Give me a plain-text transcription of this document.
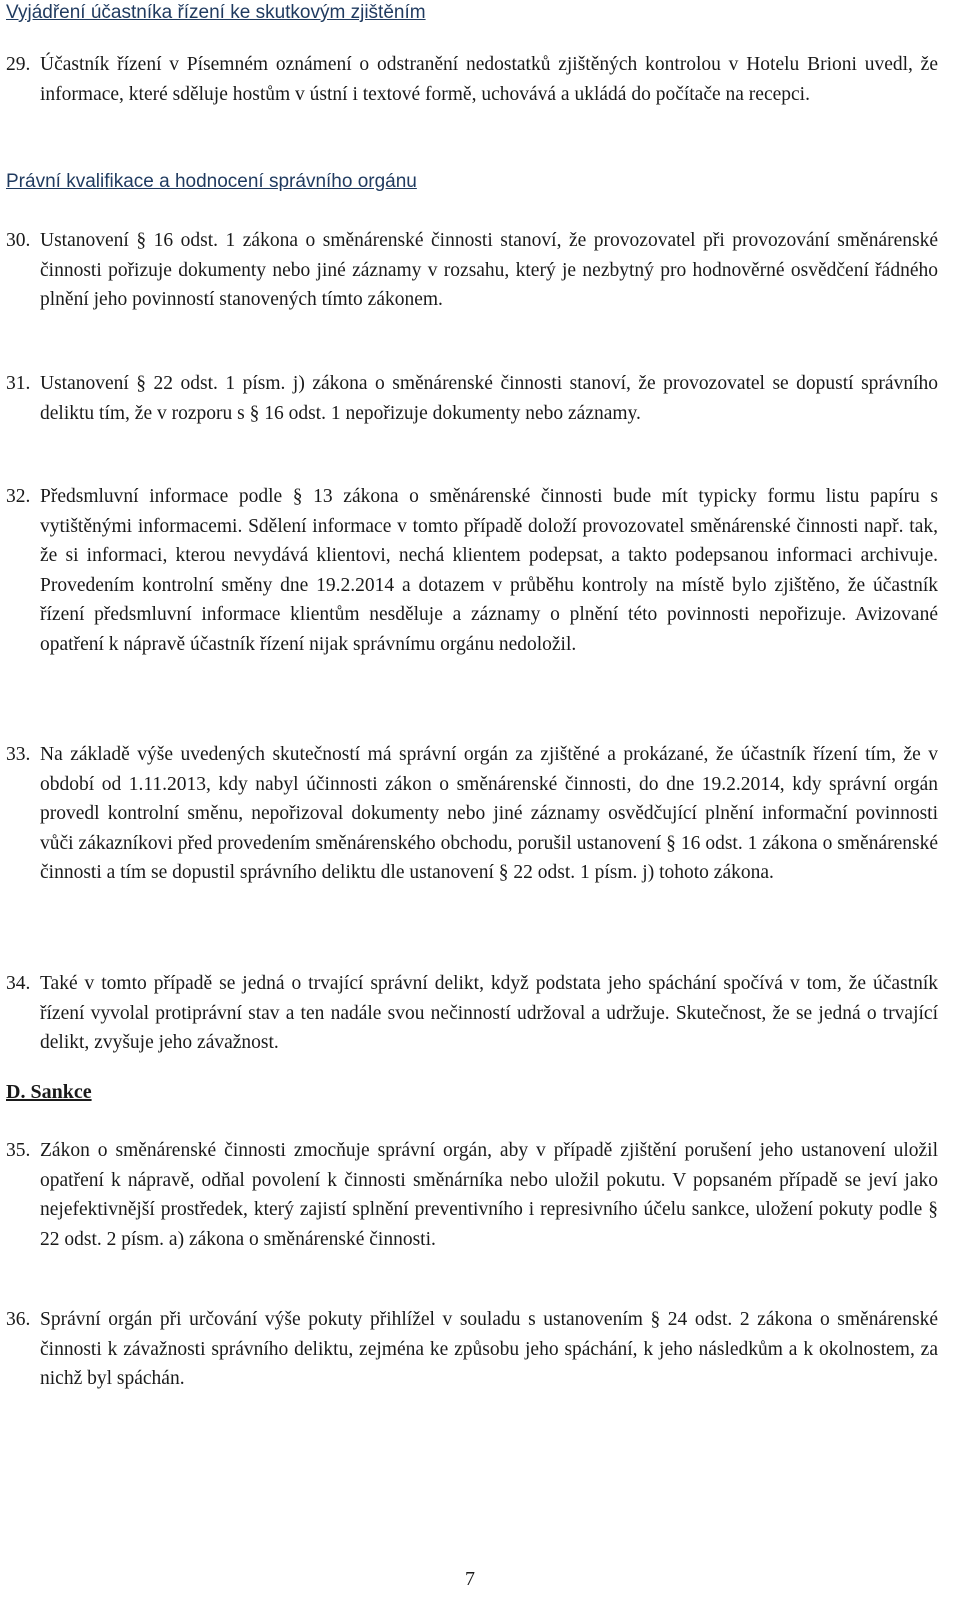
Vyjádření účastníka řízení ke skutkovým zjištěním
29. Účastník řízení v Písemném oznámení o odstranění nedostatků zjištěných kontrolou v Hotelu Brioni uvedl, že informace, které sděluje hostům v ústní i textové formě, uchovává a ukládá do počítače na recepci.
Právní kvalifikace a hodnocení správního orgánu
30. Ustanovení § 16 odst. 1 zákona o směnárenské činnosti stanoví, že provozovatel při provozování směnárenské činnosti pořizuje dokumenty nebo jiné záznamy v rozsahu, který je nezbytný pro hodnověrné osvědčení řádného plnění jeho povinností stanovených tímto zákonem.
31. Ustanovení § 22 odst. 1 písm. j) zákona o směnárenské činnosti stanoví, že provozovatel se dopustí správního deliktu tím, že v rozporu s § 16 odst. 1 nepořizuje dokumenty nebo záznamy.
32. Předsmluvní informace podle § 13 zákona o směnárenské činnosti bude mít typicky formu listu papíru s vytištěnými informacemi. Sdělení informace v tomto případě doloží provozovatel směnárenské činnosti např. tak, že si informaci, kterou nevydává klientovi, nechá klientem podepsat, a takto podepsanou informaci archivuje. Provedením kontrolní směny dne 19.2.2014 a dotazem v průběhu kontroly na místě bylo zjištěno, že účastník řízení předsmluvní informace klientům nesděluje a záznamy o plnění této povinnosti nepořizuje. Avizované opatření k nápravě účastník řízení nijak správnímu orgánu nedoložil.
33. Na základě výše uvedených skutečností má správní orgán za zjištěné a prokázané, že účastník řízení tím, že v období od 1.11.2013, kdy nabyl účinnosti zákon o směnárenské činnosti, do dne 19.2.2014, kdy správní orgán provedl kontrolní směnu, nepořizoval dokumenty nebo jiné záznamy osvědčující plnění informační povinnosti vůči zákazníkovi před provedením směnárenského obchodu, porušil ustanovení § 16 odst. 1 zákona o směnárenské činnosti a tím se dopustil správního deliktu dle ustanovení § 22 odst. 1 písm. j) tohoto zákona.
34. Také v tomto případě se jedná o trvající správní delikt, když podstata jeho spáchání spočívá v tom, že účastník řízení vyvolal protiprávní stav a ten nadále svou nečinností udržoval a udržuje. Skutečnost, že se jedná o trvající delikt, zvyšuje jeho závažnost.
D. Sankce
35. Zákon o směnárenské činnosti zmocňuje správní orgán, aby v případě zjištění porušení jeho ustanovení uložil opatření k nápravě, odňal povolení k činnosti směnárníka nebo uložil pokutu. V popsaném případě se jeví jako nejefektivnější prostředek, který zajistí splnění preventivního i represivního účelu sankce, uložení pokuty podle § 22 odst. 2 písm. a) zákona o směnárenské činnosti.
36. Správní orgán při určování výše pokuty přihlížel v souladu s ustanovením § 24 odst. 2 zákona o směnárenské činnosti k závažnosti správního deliktu, zejména ke způsobu jeho spáchání, k jeho následkům a k okolnostem, za nichž byl spáchán.
7
